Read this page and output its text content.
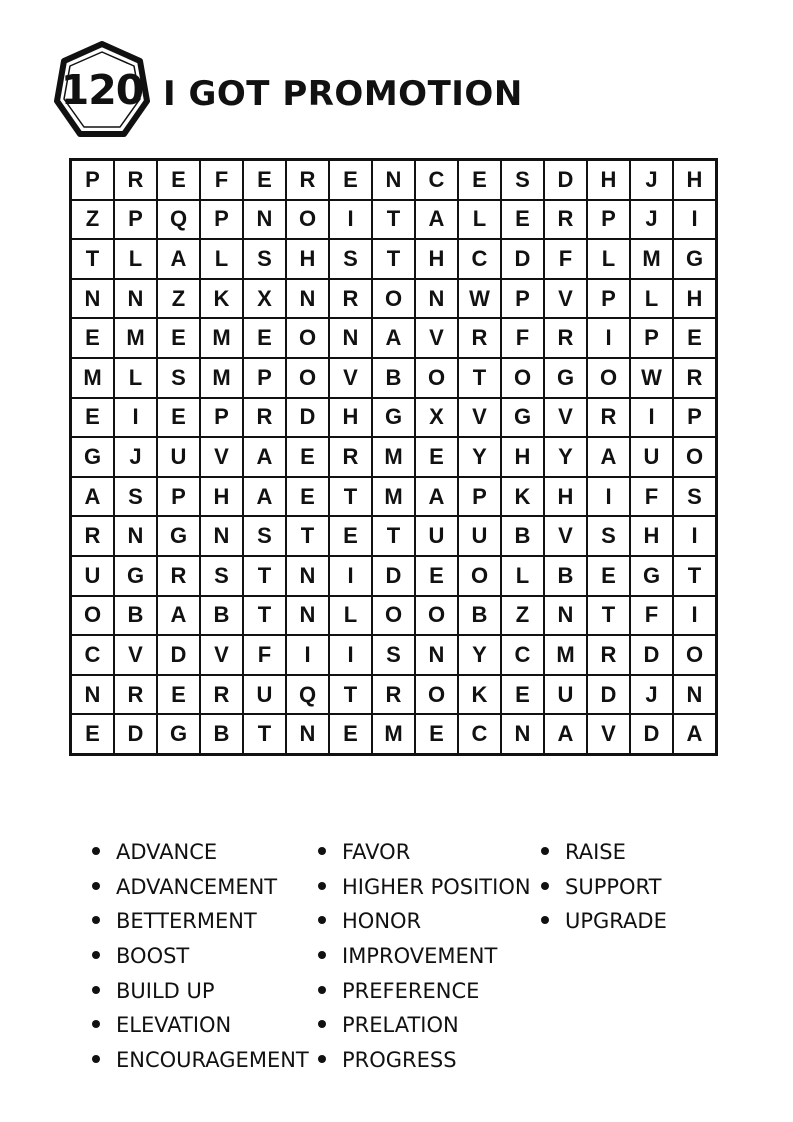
120 I GOT PROMOTION
P	R	E	F	E	R	E	N	C	E	S	D	H	J	H
Z	P	Q	P	N	O	I	T	A	L	E	R	P	J	I
T	L	A	L	S	H	S	T	H	C	D	F	L	M	G
N	N	Z	K	X	N	R	O	N	W	P	V	P	L	H
E	M	E	M	E	O	N	A	V	R	F	R	I	P	E
M	L	S	M	P	O	V	B	O	T	O	G	O	W	R
E	I	E	P	R	D	H	G	X	V	G	V	R	I	P
G	J	U	V	A	E	R	M	E	Y	H	Y	A	U	O
A	S	P	H	A	E	T	M	A	P	K	H	I	F	S
R	N	G	N	S	T	E	T	U	U	B	V	S	H	I
U	G	R	S	T	N	I	D	E	O	L	B	E	G	T
O	B	A	B	T	N	L	O	O	B	Z	N	T	F	I
C	V	D	V	F	I	I	S	N	Y	C	M	R	D	O
N	R	E	R	U	Q	T	R	O	K	E	U	D	J	N
E	D	G	B	T	N	E	M	E	C	N	A	V	D	A
ADVANCE
ADVANCEMENT
BETTERMENT
BOOST
BUILD UP
ELEVATION
ENCOURAGEMENT
FAVOR
HIGHER POSITION
HONOR
IMPROVEMENT
PREFERENCE
PRELATION
PROGRESS
RAISE
SUPPORT
UPGRADE
